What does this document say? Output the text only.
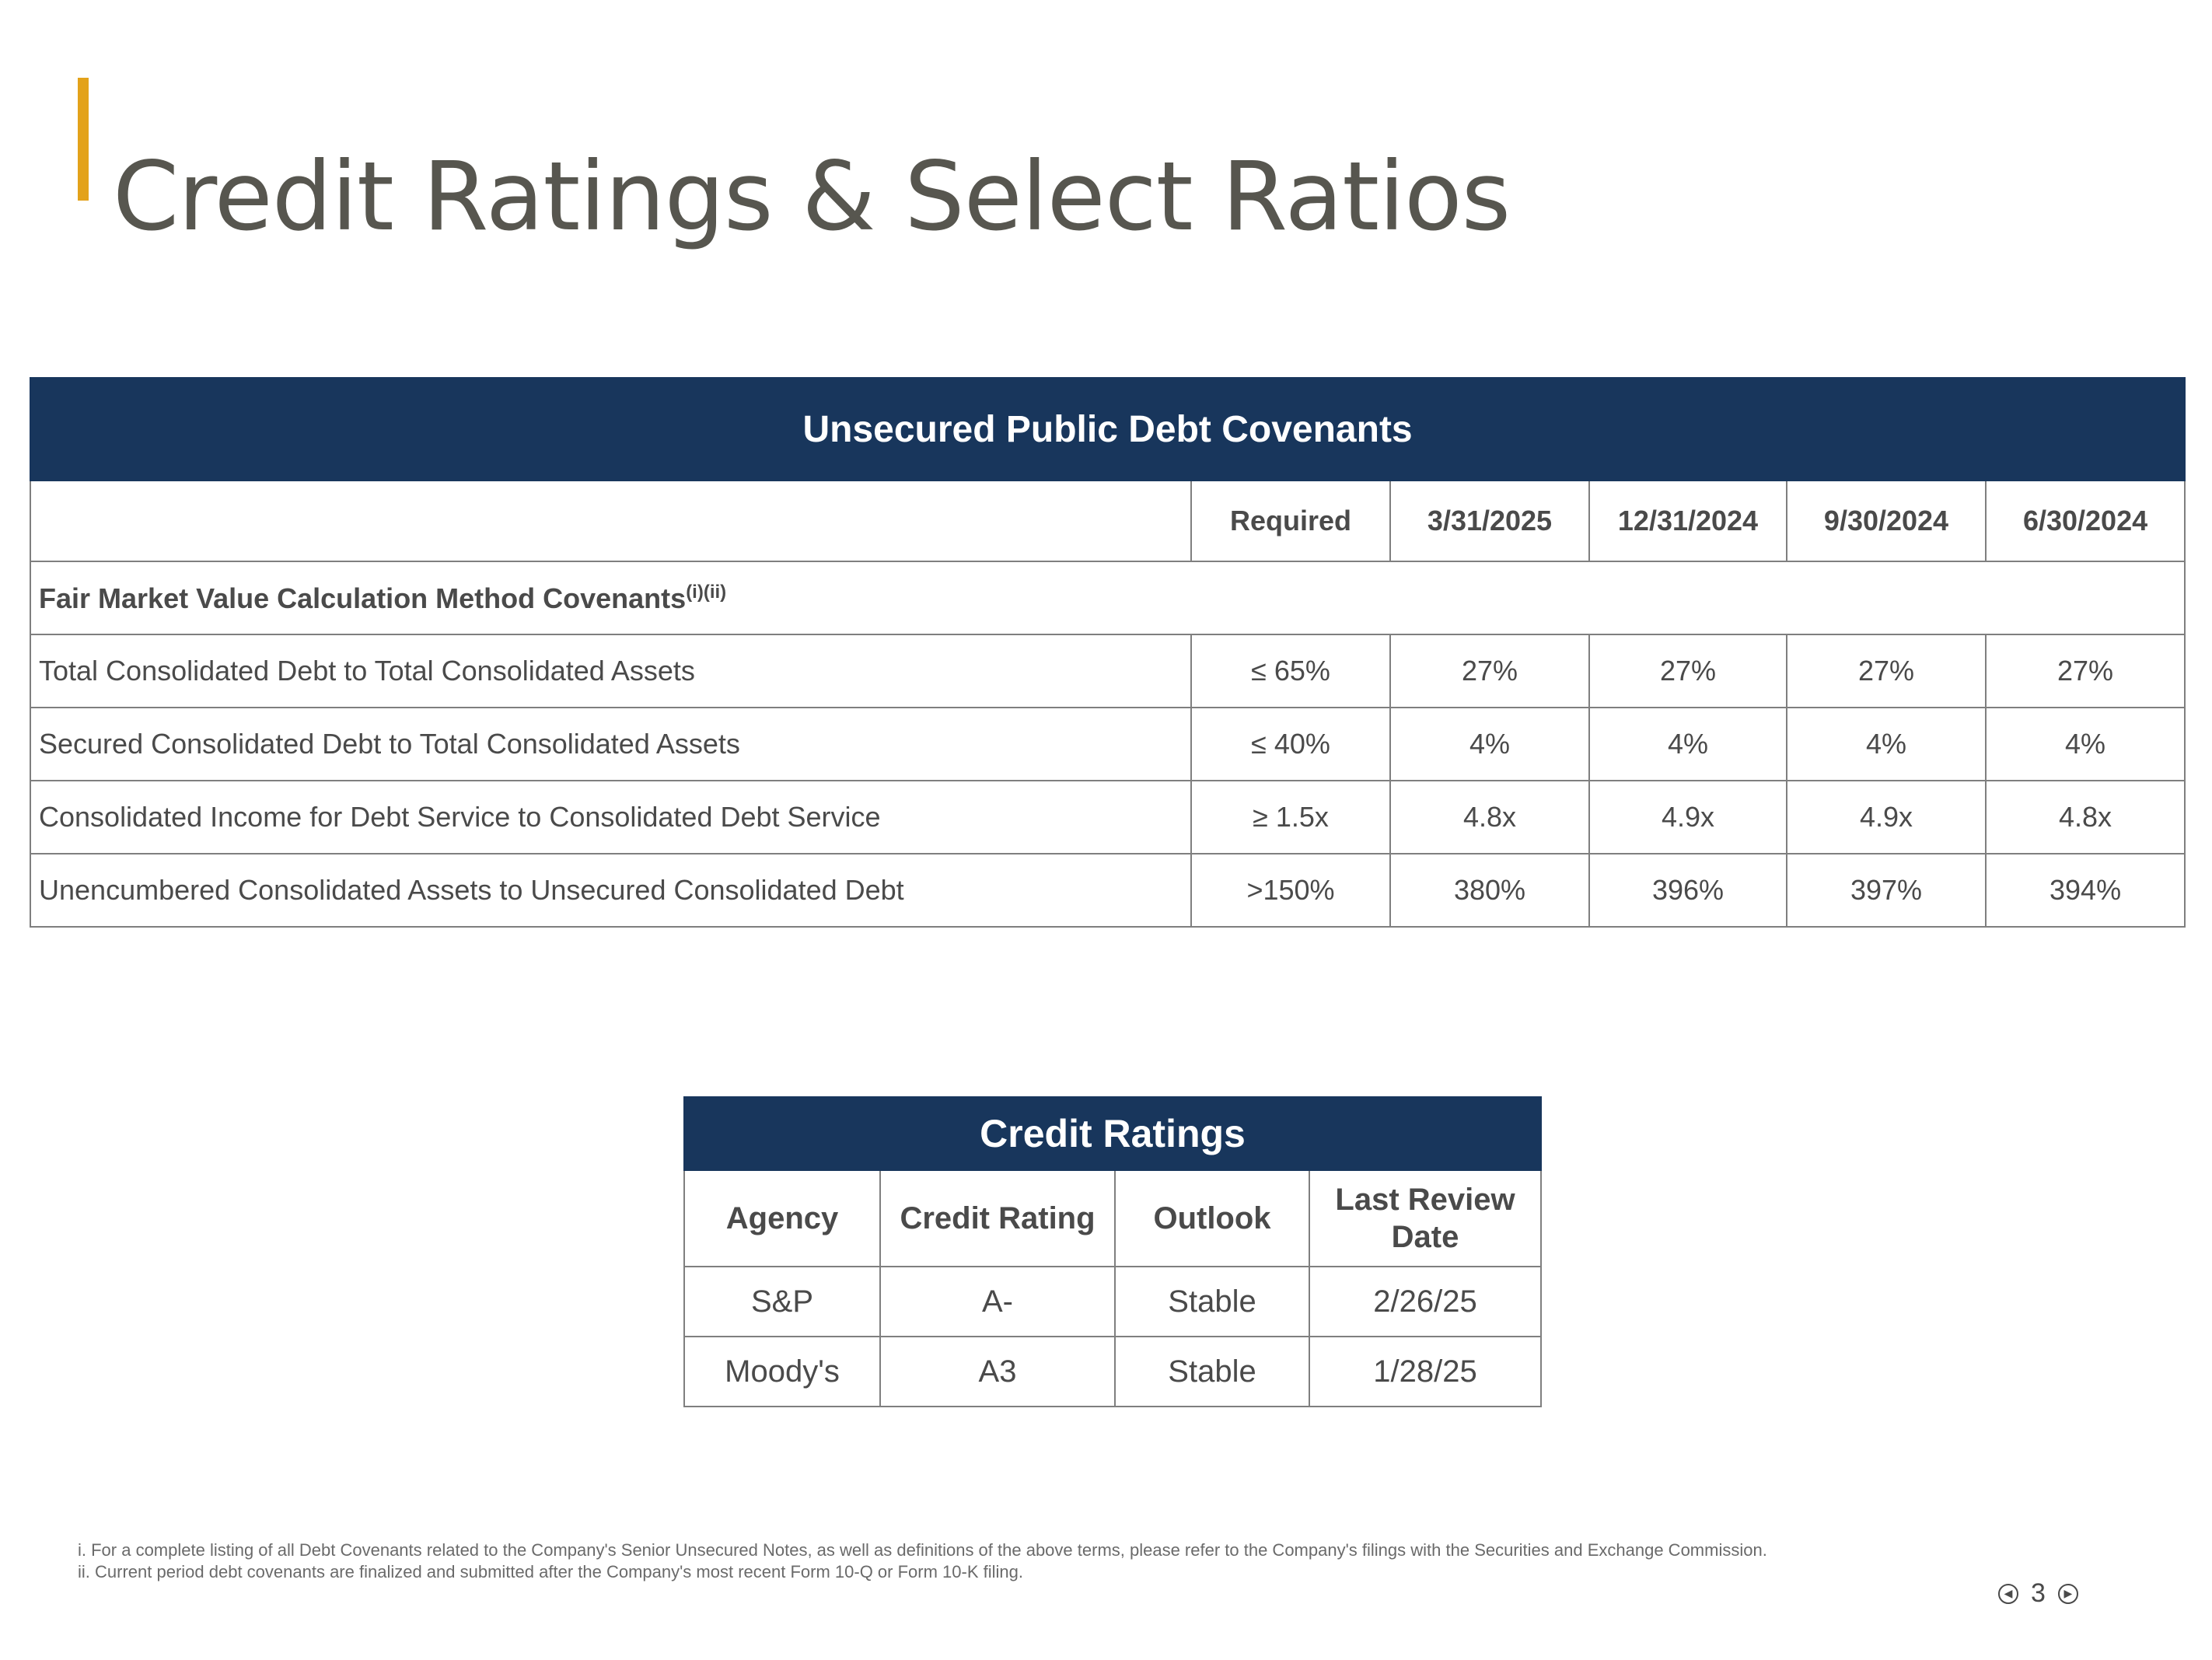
Credit Ratings & Select Ratios
Unsecured Public Debt Covenants					
	Required	3/31/2025	12/31/2024	9/30/2024	6/30/2024
Fair Market Value Calculation Method Covenants$^{(i)(ii)}$
Total Consolidated Debt to Total Consolidated Assets	≤ 65%	27%	27%	27%	27%
Secured Consolidated Debt to Total Consolidated Assets	≤ 40%	4%	4%	4%	4%
Consolidated Income for Debt Service to Consolidated Debt Service	≥ 1.5x	4.8x	4.9x	4.9x	4.8x
Unencumbered Consolidated Assets to Unsecured Consolidated Debt	>150%	380%	396%	397%	394%
Credit Ratings			
Agency	Credit Rating	Outlook	Last Review Date
S&P	A-	Stable	2/26/25
Moody's	A3	Stable	1/28/25
i. For a complete listing of all Debt Covenants related to the Company's Senior Unsecured Notes, as well as definitions of the above terms, please refer to the Company's filings with the Securities and Exchange Commission.
ii. Current period debt covenants are finalized and submitted after the Company's most recent Form 10-Q or Form 10-K filing.
◀ 3	▶
